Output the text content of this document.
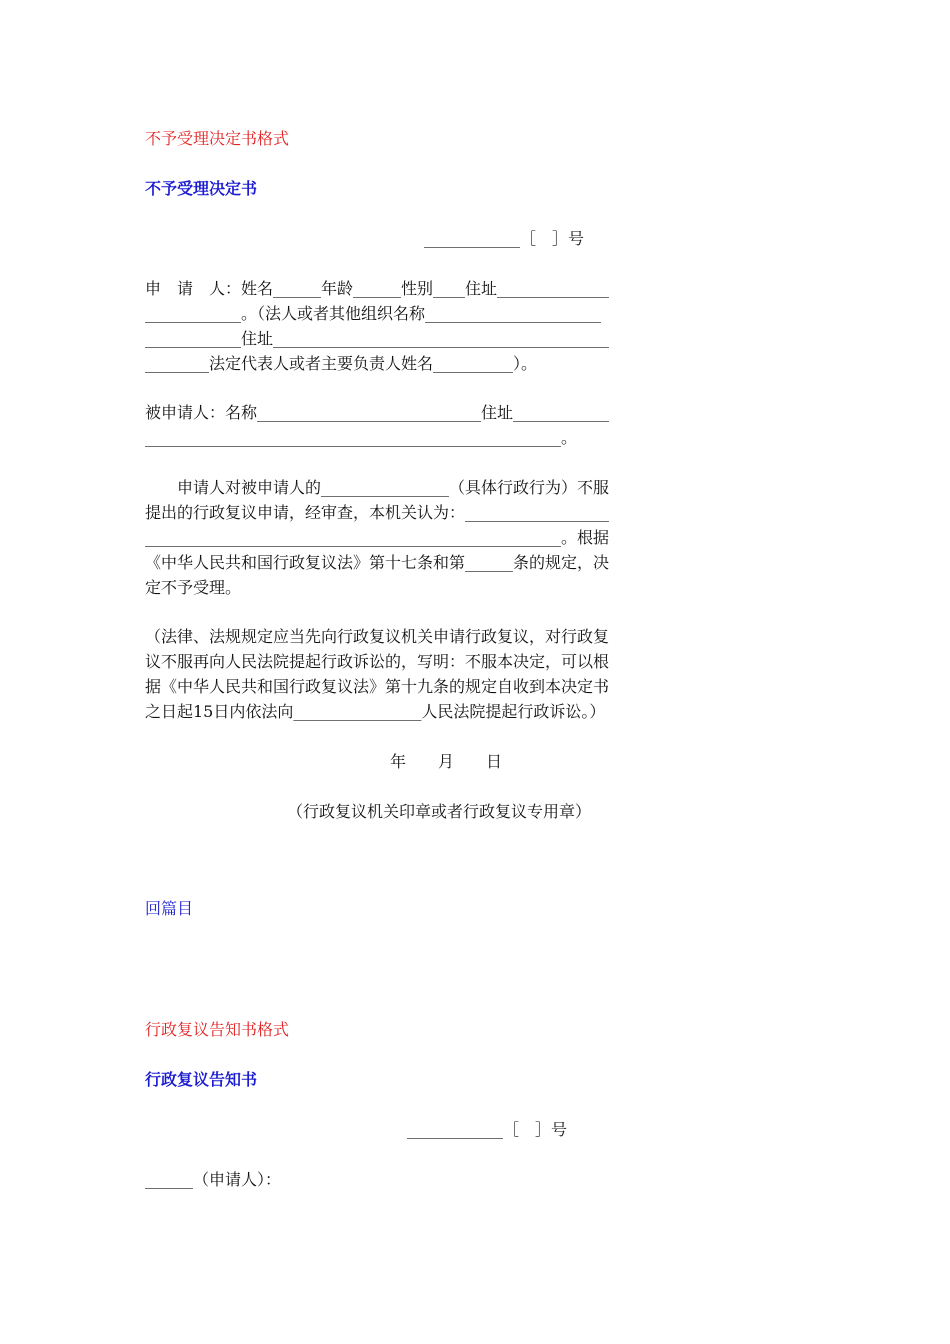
不予受理决定书格式
不予受理决定书
____________［　］号
申　请　人：姓名______年龄______性别____住址______________
____________。（法人或者其他组织名称______________________
____________住址__________________________________________
________法定代表人或者主要负责人姓名__________）。
被申请人：名称____________________________住址____________
____________________________________________________。
　　申请人对被申请人的________________（具体行政行为）不服
提出的行政复议申请，经审查，本机关认为：__________________
____________________________________________________。根据
《中华人民共和国行政复议法》第十七条和第______条的规定，决
定不予受理。
（法律、法规规定应当先向行政复议机关申请行政复议，对行政复
议不服再向人民法院提起行政诉讼的，写明：不服本决定，可以根
据《中华人民共和国行政复议法》第十九条的规定自收到本决定书
之日起15日内依法向________________人民法院提起行政诉讼。）
年　　月　　日
（行政复议机关印章或者行政复议专用章）
回篇目
行政复议告知书格式
行政复议告知书
____________［　］号
______（申请人）：
